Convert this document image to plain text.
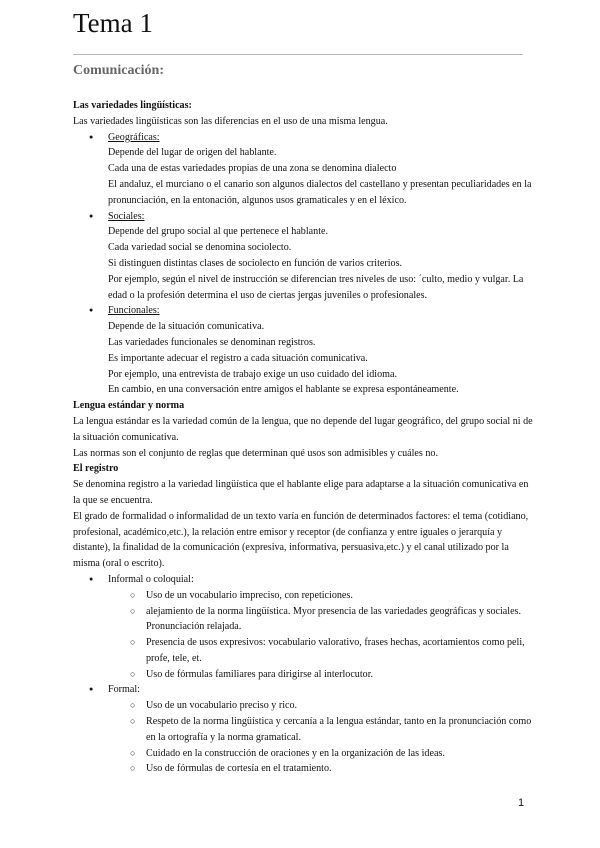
Tema 1
Comunicación:

Las variedades lingüísticas:

Las variedades lingüísticas son las diferencias en el uso de una misma lengua.

● Geográficas:

Depende del lugar de origen del hablante.

Cada una de estas variedades propias de una zona se denomina dialecto

El andaluz, el murciano o el canario son algunos dialectos del castellano y presentan peculiaridades en la pronunciación, en la entonación, algunos usos gramaticales y en el léxico.

● Sociales:

Depende del grupo social al que pertenece el hablante.

Cada variedad social se denomina sociolecto.

Si distinguen distintas clases de sociolecto en función de varios criterios.

Por ejemplo, según el nivel de instrucción se diferencian tres niveles de uso: ´culto, medio y vulgar. La edad o la profesión determina el uso de ciertas jergas juveniles o profesionales.

● Funcionales:

Depende de la situación comunicativa.

Las variedades funcionales se denominan registros.

Es importante adecuar el registro a cada situación comunicativa.

Por ejemplo, una entrevista de trabajo exige un uso cuidado del idioma.

En cambio, en una conversación entre amigos el hablante se expresa espontáneamente.

Lengua estándar y norma

La lengua estándar es la variedad común de la lengua, que no depende del lugar geográfico, del grupo social ni de la situación comunicativa.

Las normas son el conjunto de reglas que determinan qué usos son admisibles y cuáles no.

El registro

Se denomina registro a la variedad lingüística que el hablante elige para adaptarse a la situación comunicativa en la que se encuentra.

El grado de formalidad o informalidad de un texto varía en función de determinados factores: el tema (cotidiano, profesional, académico,etc.), la relación entre emisor y receptor (de confianza y entre iguales o jerarquía y distante), la finalidad de la comunicación (expresiva, informativa, persuasiva,etc.) y el canal utilizado por la misma (oral o escrito).

● Informal o coloquial:

○ Uso de un vocabulario impreciso, con repeticiones.
○ alejamiento de la norma lingüística. Myor presencia de las variedades geográficas y sociales. Pronunciación relajada.
○ Presencia de usos expresivos: vocabulario valorativo, frases hechas, acortamientos como peli, profe, tele, et.
○ Uso de fórmulas familiares para dirigirse al interlocutor.

● Formal:

○ Uso de un vocabulario preciso y rico.
○ Respeto de la norma lingüística y cercanía a la lengua estándar, tanto en la pronunciación como en la ortografía y la norma gramatical.
○ Cuidado en la construcción de oraciones y en la organización de las ideas.
○ Uso de fórmulas de cortesía en el tratamiento.
1
